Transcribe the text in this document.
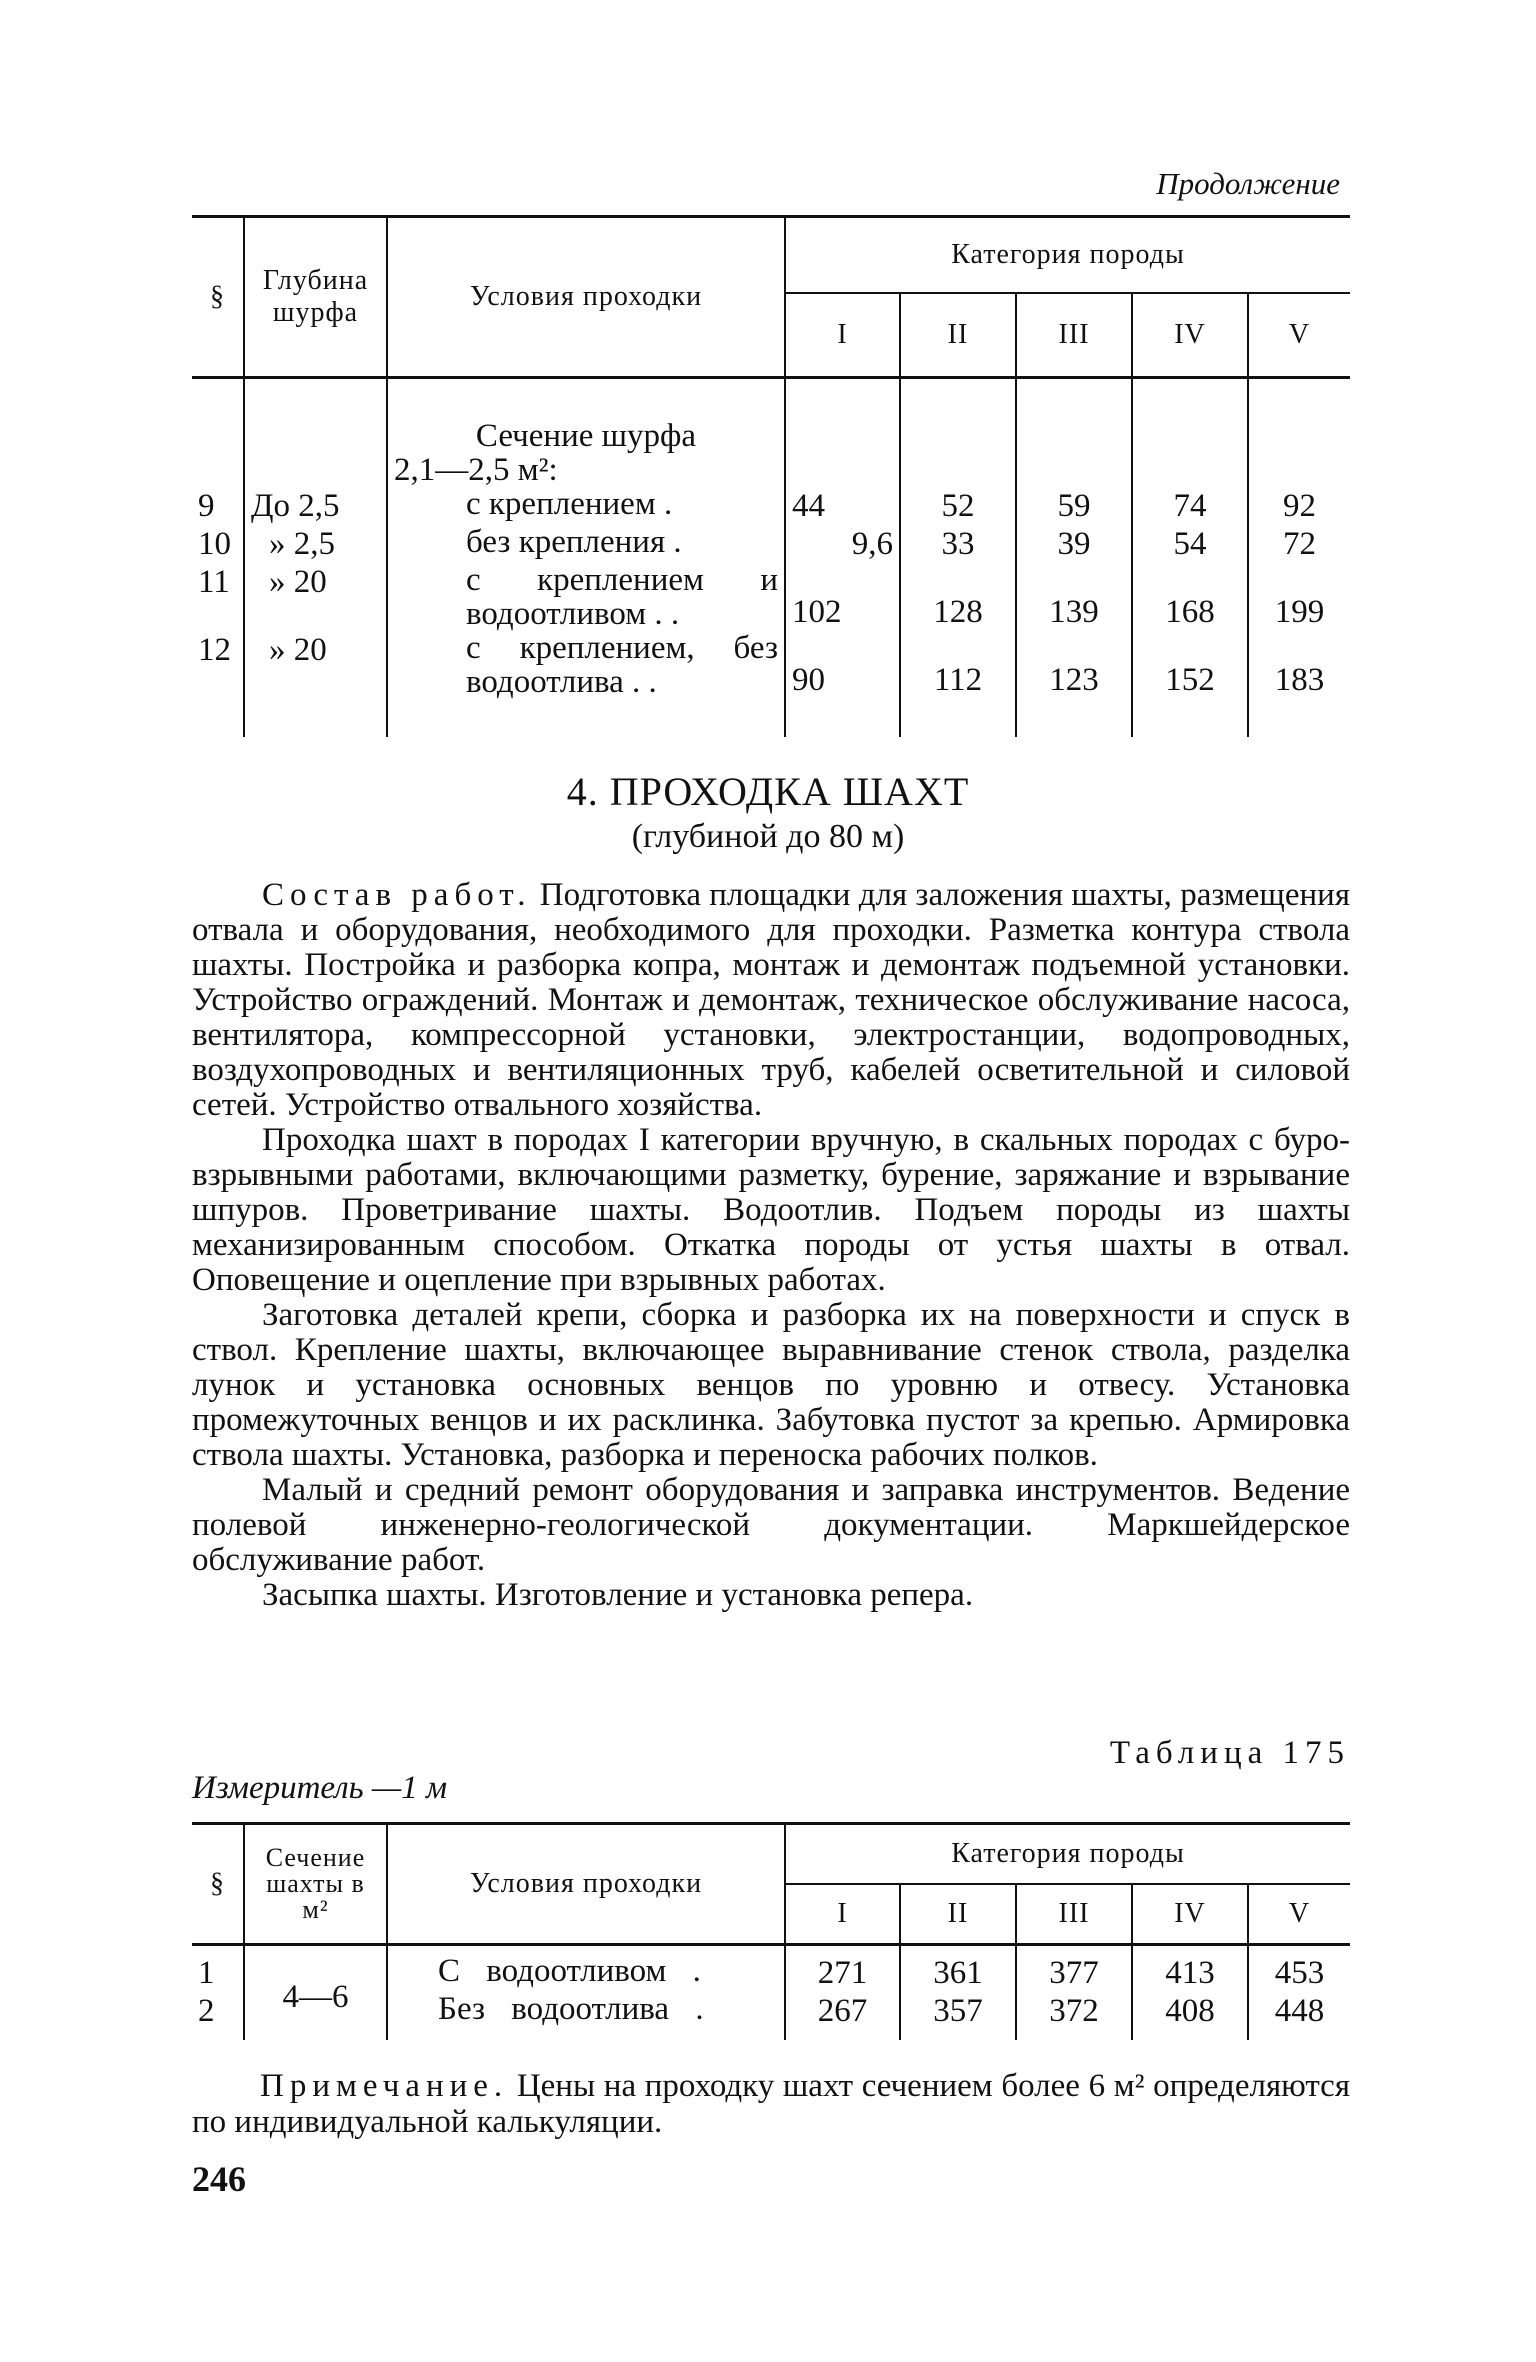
Продолжение
§	Глубина шурфа	Условия проходки	Категория породы				
			I	II	III	IV	V

		Сечение шурфа
2,1—2,5 м²:					

9	До 2,5	с креплением .	44	52	59	74	92
10	» 2,5	без крепления .	9,6	33	39	54	72
11	» 20	с креплением и водоотливом . .	102	128	139	168	199
12	» 20	с креплением, без водоотлива . .	90	112	123	152	183

4. ПРОХОДКА ШАХТ
(глубиной до 80 м)

Состав работ. Подготовка площадки для заложения шахты, размещения отвала и оборудования, необходимого для проходки. Разметка контура ствола шахты. Постройка и разборка копра, монтаж и демонтаж подъемной установки. Устройство ограждений. Монтаж и демонтаж, техническое обслуживание насоса, вентилятора, компрессорной установки, электростанции, водопроводных, воздухопроводных и вентиляционных труб, кабелей осветительной и силовой сетей. Устройство отвального хозяйства.

Проходка шахт в породах I категории вручную, в скальных породах с буро-взрывными работами, включающими разметку, бурение, заряжание и взрывание шпуров. Проветривание шахты. Водоотлив. Подъем породы из шахты механизированным способом. Откатка породы от устья шахты в отвал. Оповещение и оцепление при взрывных работах.

Заготовка деталей крепи, сборка и разборка их на поверхности и спуск в ствол. Крепление шахты, включающее выравнивание стенок ствола, разделка лунок и установка основных венцов по уровню и отвесу. Установка промежуточных венцов и их расклинка. Забутовка пустот за крепью. Армировка ствола шахты. Установка, разборка и переноска рабочих полков.

Малый и средний ремонт оборудования и заправка инструментов. Ведение полевой инженерно-геологической документации. Маркшейдерское обслуживание работ.

Засыпка шахты. Изготовление и установка репера.

Таблица 175
Измеритель —1 м
§	Сечение шахты в м²	Условия проходки	Категория породы				
			I	II	III	IV	V
1	4—6	С водоотливом .	271	361	377	413	453
2		Без водоотлива .	267	357	372	408	448
Примечание. Цены на проходку шахт сечением более 6 м² определяются по индивидуальной калькуляции.
246
